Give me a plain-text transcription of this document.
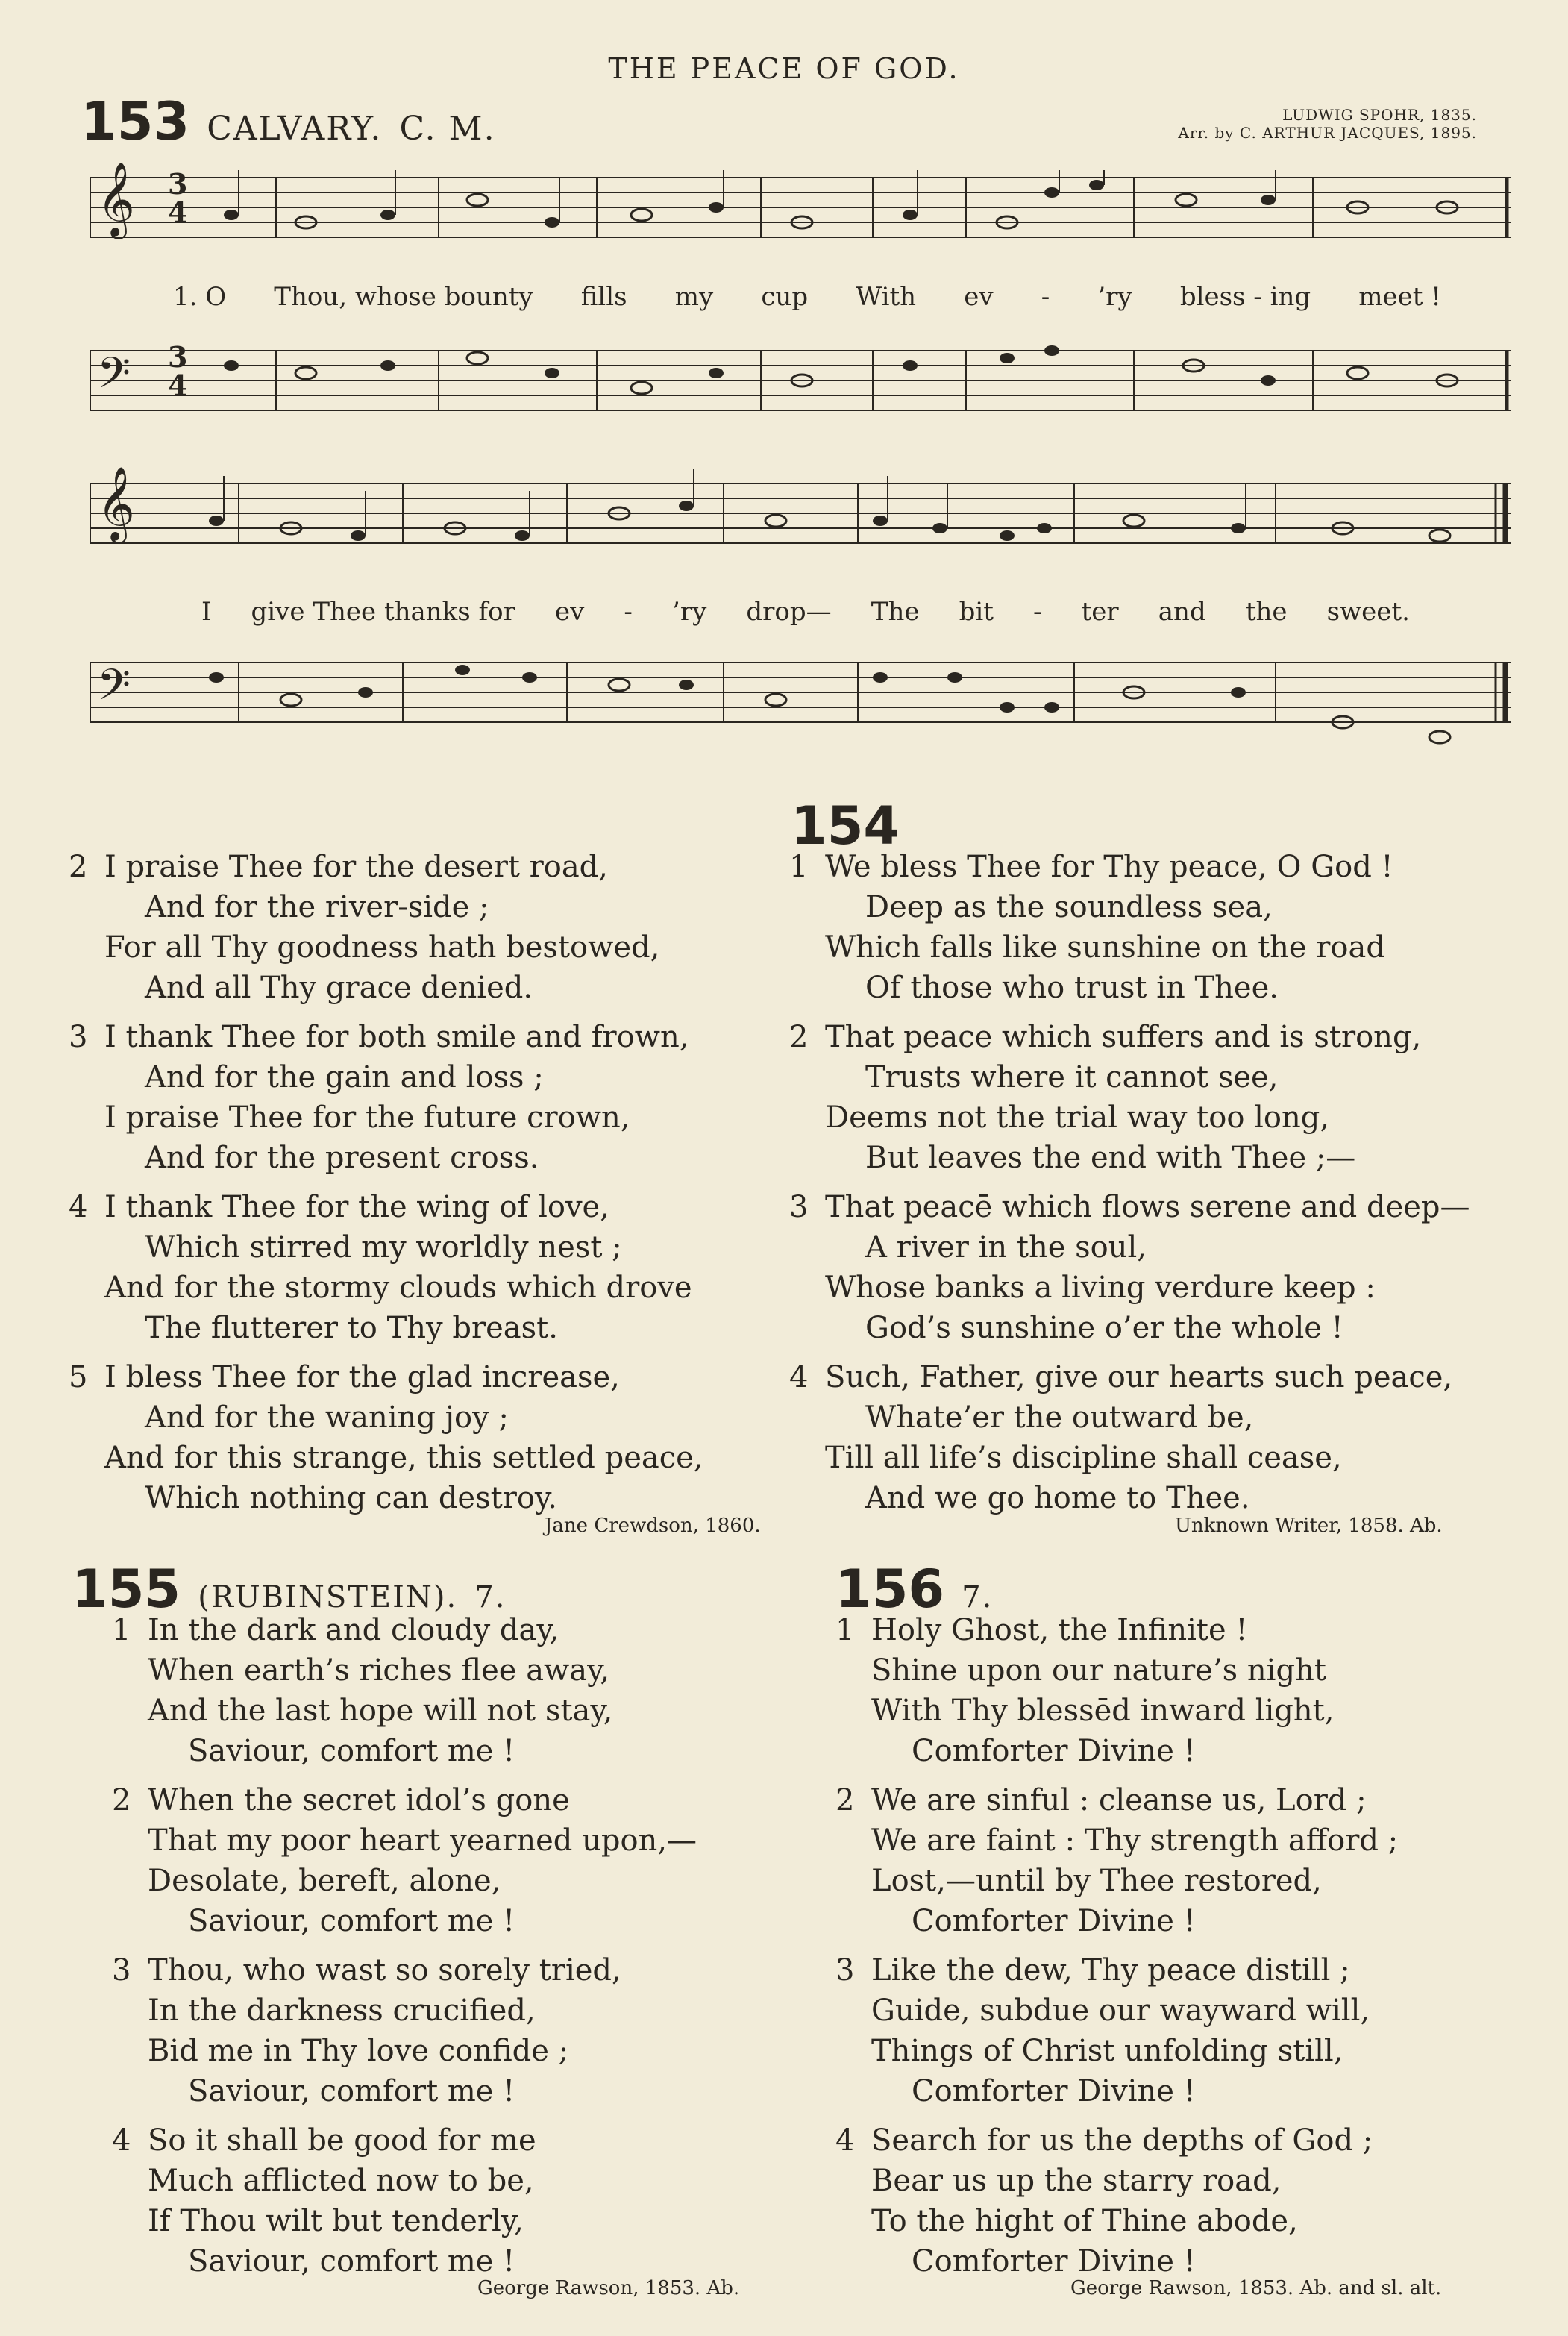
THE PEACE OF GOD.
153 CALVARY. C. M.	LUDWIG SPOHR, 1835.
Arr. by C. ARTHUR JACQUES, 1895.
𝄞 3
4
1. O Thou, whose bounty fills my cup With ev - ’ry bless - ing meet !
𝄢 3
4
𝄞
I give Thee thanks for ev - ’ry drop— The bit - ter and the sweet.
𝄢
154
2 I praise Thee for the desert road,
And for the river-side ;
For all Thy goodness hath bestowed,
And all Thy grace denied.
3 I thank Thee for both smile and frown,
And for the gain and loss ;
I praise Thee for the future crown,
And for the present cross.
4 I thank Thee for the wing of love,
Which stirred my worldly nest ;
And for the stormy clouds which drove
The flutterer to Thy breast.
5 I bless Thee for the glad increase,
And for the waning joy ;
And for this strange, this settled peace,
Which nothing can destroy.
Jane Crewdson, 1860.
1 We bless Thee for Thy peace, O God !
Deep as the soundless sea,
Which falls like sunshine on the road
Of those who trust in Thee.
2 That peace which suffers and is strong,
Trusts where it cannot see,
Deems not the trial way too long,
But leaves the end with Thee ;—
3 That peacē which flows serene and deep—
A river in the soul,
Whose banks a living verdure keep :
God’s sunshine o’er the whole !
4 Such, Father, give our hearts such peace,
Whate’er the outward be,
Till all life’s discipline shall cease,
And we go home to Thee.
Unknown Writer, 1858. Ab.
155 (RUBINSTEIN). 7.
1 In the dark and cloudy day,
When earth’s riches flee away,
And the last hope will not stay,
Saviour, comfort me !
2 When the secret idol’s gone
That my poor heart yearned upon,—
Desolate, bereft, alone,
Saviour, comfort me !
3 Thou, who wast so sorely tried,
In the darkness crucified,
Bid me in Thy love confide ;
Saviour, comfort me !
4 So it shall be good for me
Much afflicted now to be,
If Thou wilt but tenderly,
Saviour, comfort me !
George Rawson, 1853. Ab.
156 7.
1 Holy Ghost, the Infinite !
Shine upon our nature’s night
With Thy blessēd inward light,
Comforter Divine !
2 We are sinful : cleanse us, Lord ;
We are faint : Thy strength afford ;
Lost,—until by Thee restored,
Comforter Divine !
3 Like the dew, Thy peace distill ;
Guide, subdue our wayward will,
Things of Christ unfolding still,
Comforter Divine !
4 Search for us the depths of God ;
Bear us up the starry road,
To the hight of Thine abode,
Comforter Divine !
George Rawson, 1853. Ab. and sl. alt.
